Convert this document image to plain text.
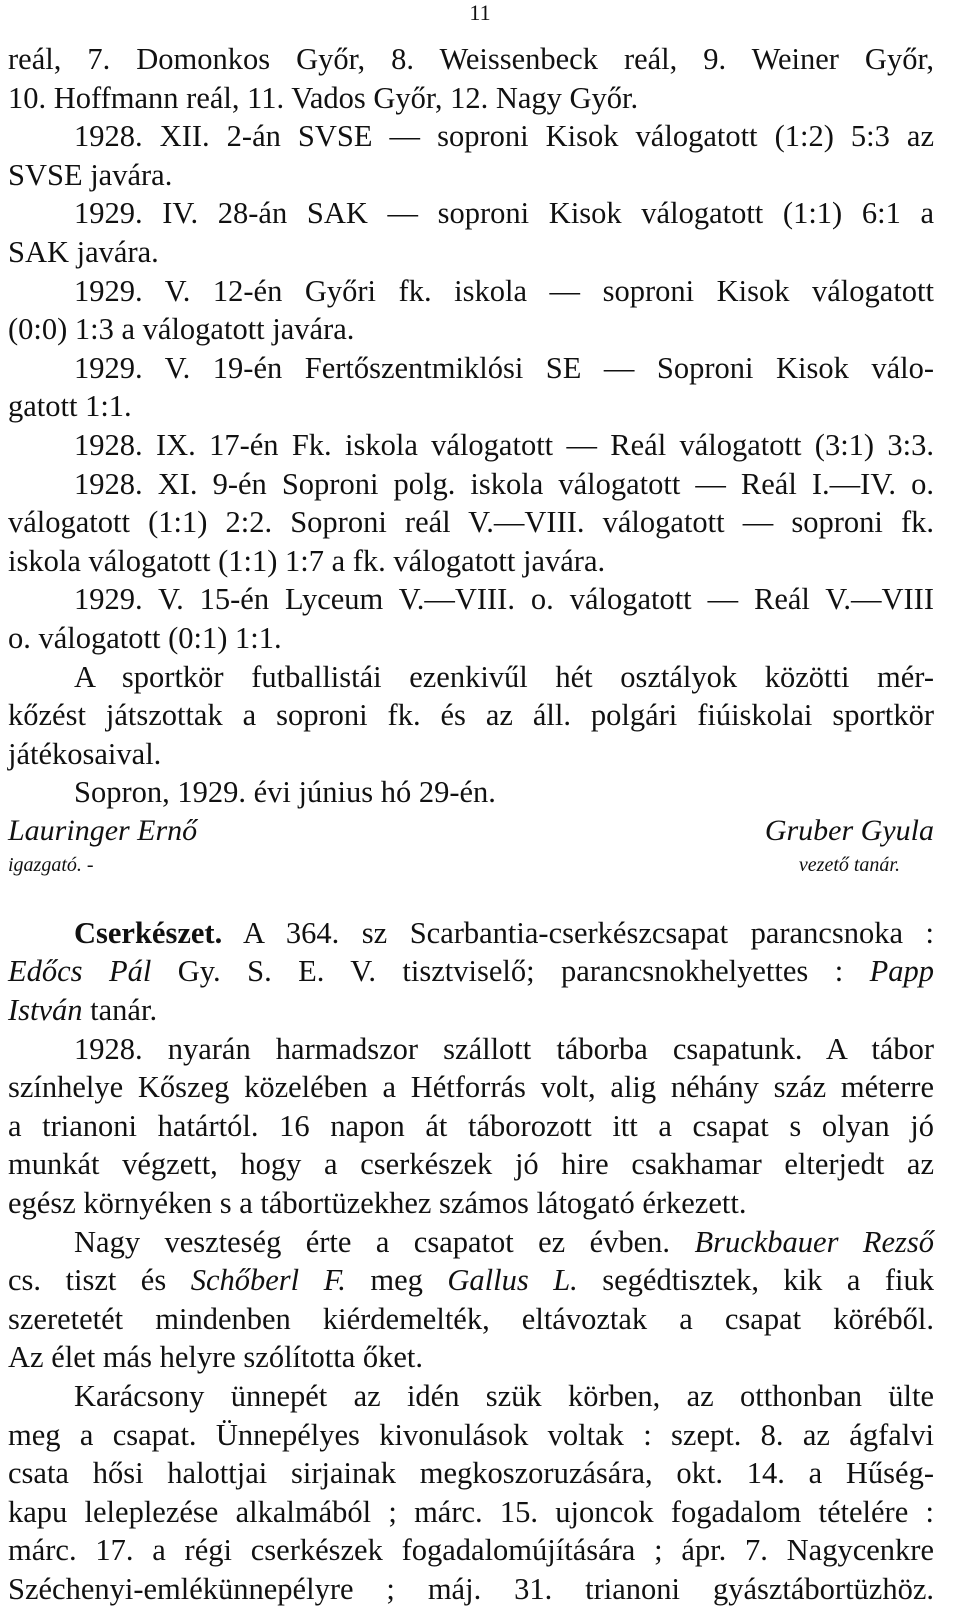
11
reál, 7. Domonkos Győr, 8. Weissenbeck reál, 9. Weiner Győr,
10. Hoffmann reál, 11. Vados Győr, 12. Nagy Győr.
1928. XII. 2-án SVSE — soproni Kisok válogatott (1:2) 5:3 az
SVSE javára.
1929. IV. 28-án SAK — soproni Kisok válogatott (1:1) 6:1 a
SAK javára.
1929. V. 12-én Győri fk. iskola — soproni Kisok válogatott
(0:0) 1:3 a válogatott javára.
1929. V. 19-én Fertőszentmiklósi SE — Soproni Kisok válo-
gatott 1:1.
1928. IX. 17-én Fk. iskola válogatott — Reál válogatott (3:1) 3:3.
1928. XI. 9-én Soproni polg. iskola válogatott — Reál I.—IV. o.
válogatott (1:1) 2:2. Soproni reál V.—VIII. válogatott — soproni fk.
iskola válogatott (1:1) 1:7 a fk. válogatott javára.
1929. V. 15-én Lyceum V.—VIII. o. válogatott — Reál V.—VIII
o. válogatott (0:1) 1:1.
A sportkör futballistái ezenkivűl hét osztályok közötti mér-
kőzést játszottak a soproni fk. és az áll. polgári fiúiskolai sportkör
játékosaival.
Sopron, 1929. évi június hó 29-én.
Lauringer Ernő	Gruber Gyula
igazgató. -	vezető tanár.
Cserkészet. A 364. sz Scarbantia-cserkészcsapat parancsnoka :
Edőcs Pál Gy. S. E. V. tisztviselő; parancsnokhelyettes : Papp
István tanár.
1928. nyarán harmadszor szállott táborba csapatunk. A tábor
színhelye Kőszeg közelében a Hétforrás volt, alig néhány száz méterre
a trianoni határtól. 16 napon át táborozott itt a csapat s olyan jó
munkát végzett, hogy a cserkészek jó hire csakhamar elterjedt az
egész környéken s a tábortüzekhez számos látogató érkezett.
Nagy veszteség érte a csapatot ez évben. Bruckbauer Rezső
cs. tiszt és Schőberl F. meg Gallus L. segédtisztek, kik a fiuk
szeretetét mindenben kiérdemelték, eltávoztak a csapat köréből.
Az élet más helyre szólította őket.
Karácsony ünnepét az idén szük körben, az otthonban ülte
meg a csapat. Ünnepélyes kivonulások voltak : szept. 8. az ágfalvi
csata hősi halottjai sirjainak megkoszoruzására, okt. 14. a Hűség-
kapu leleplezése alkalmából ; márc. 15. ujoncok fogadalom tételére :
márc. 17. a régi cserkészek fogadalomújítására ; ápr. 7. Nagycenkre
Széchenyi-emlékünnepélyre ; máj. 31. trianoni gyásztábortüzhöz.
